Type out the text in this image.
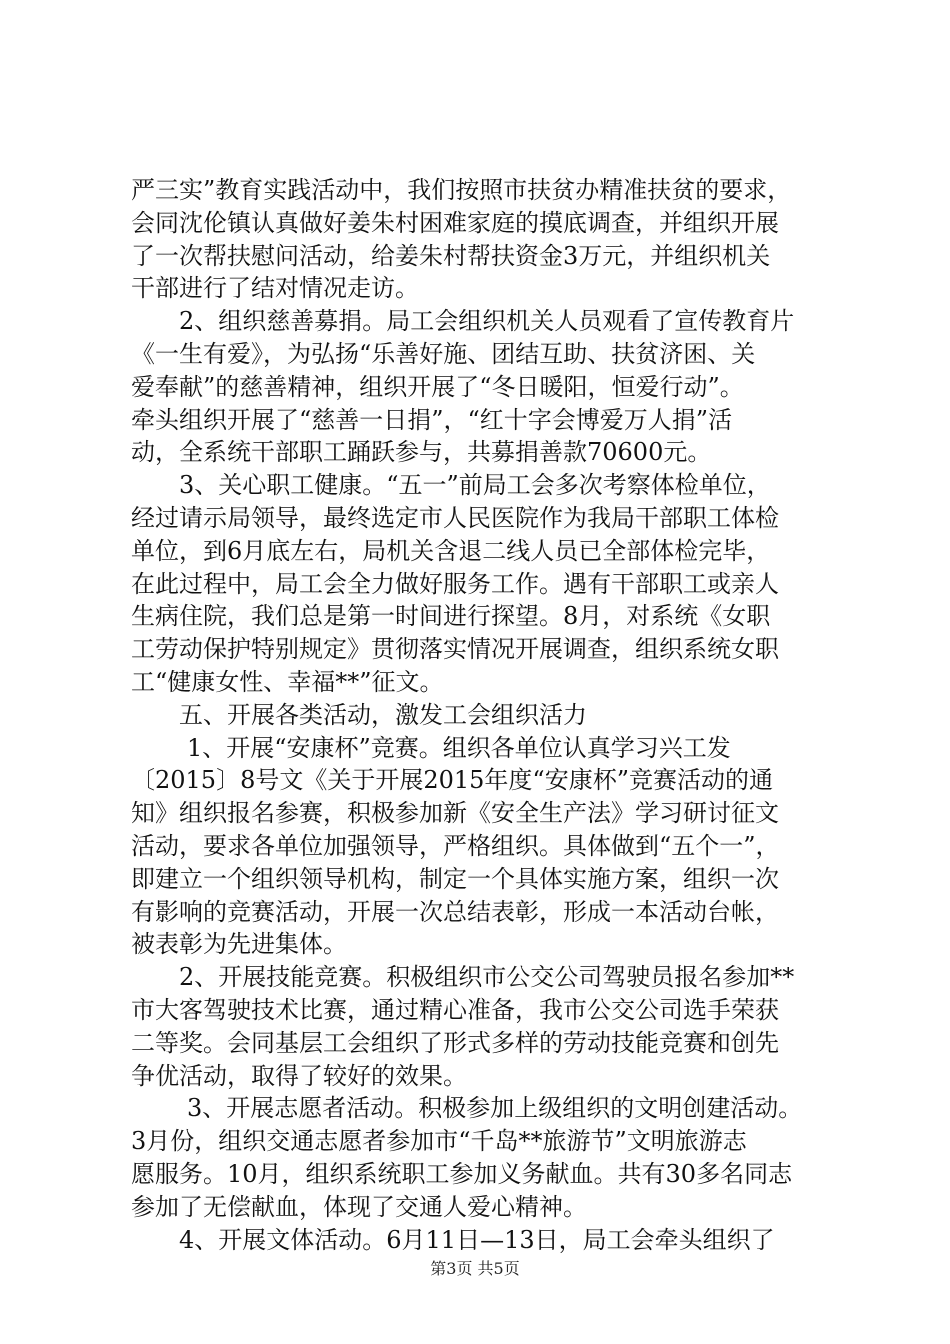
严三实”教育实践活动中，我们按照市扶贫办精准扶贫的要求，
会同沈伦镇认真做好姜朱村困难家庭的摸底调查，并组织开展
了一次帮扶慰问活动，给姜朱村帮扶资金3万元，并组织机关
干部进行了结对情况走访。
2、组织慈善募捐。局工会组织机关人员观看了宣传教育片
《一生有爱》，为弘扬“乐善好施、团结互助、扶贫济困、关
爱奉献”的慈善精神，组织开展了“冬日暖阳，恒爱行动”。
牵头组织开展了“慈善一日捐”，“红十字会博爱万人捐”活
动，全系统干部职工踊跃参与，共募捐善款70600元。
3、关心职工健康。“五一”前局工会多次考察体检单位，
经过请示局领导，最终选定市人民医院作为我局干部职工体检
单位，到6月底左右，局机关含退二线人员已全部体检完毕，
在此过程中，局工会全力做好服务工作。遇有干部职工或亲人
生病住院，我们总是第一时间进行探望。8月，对系统《女职
工劳动保护特别规定》贯彻落实情况开展调查，组织系统女职
工“健康女性、幸福**”征文。
五、开展各类活动，激发工会组织活力
1、开展“安康杯”竞赛。组织各单位认真学习兴工发
〔2015〕8号文《关于开展2015年度“安康杯”竞赛活动的通
知》组织报名参赛，积极参加新《安全生产法》学习研讨征文
活动，要求各单位加强领导，严格组织。具体做到“五个一”，
即建立一个组织领导机构，制定一个具体实施方案，组织一次
有影响的竞赛活动，开展一次总结表彰，形成一本活动台帐，
被表彰为先进集体。
2、开展技能竞赛。积极组织市公交公司驾驶员报名参加**
市大客驾驶技术比赛，通过精心准备，我市公交公司选手荣获
二等奖。会同基层工会组织了形式多样的劳动技能竞赛和创先
争优活动，取得了较好的效果。
3、开展志愿者活动。积极参加上级组织的文明创建活动。
3月份，组织交通志愿者参加市“千岛**旅游节”文明旅游志
愿服务。10月，组织系统职工参加义务献血。共有30多名同志
参加了无偿献血，体现了交通人爱心精神。
4、开展文体活动。6月11日—13日，局工会牵头组织了
第3页 共5页
